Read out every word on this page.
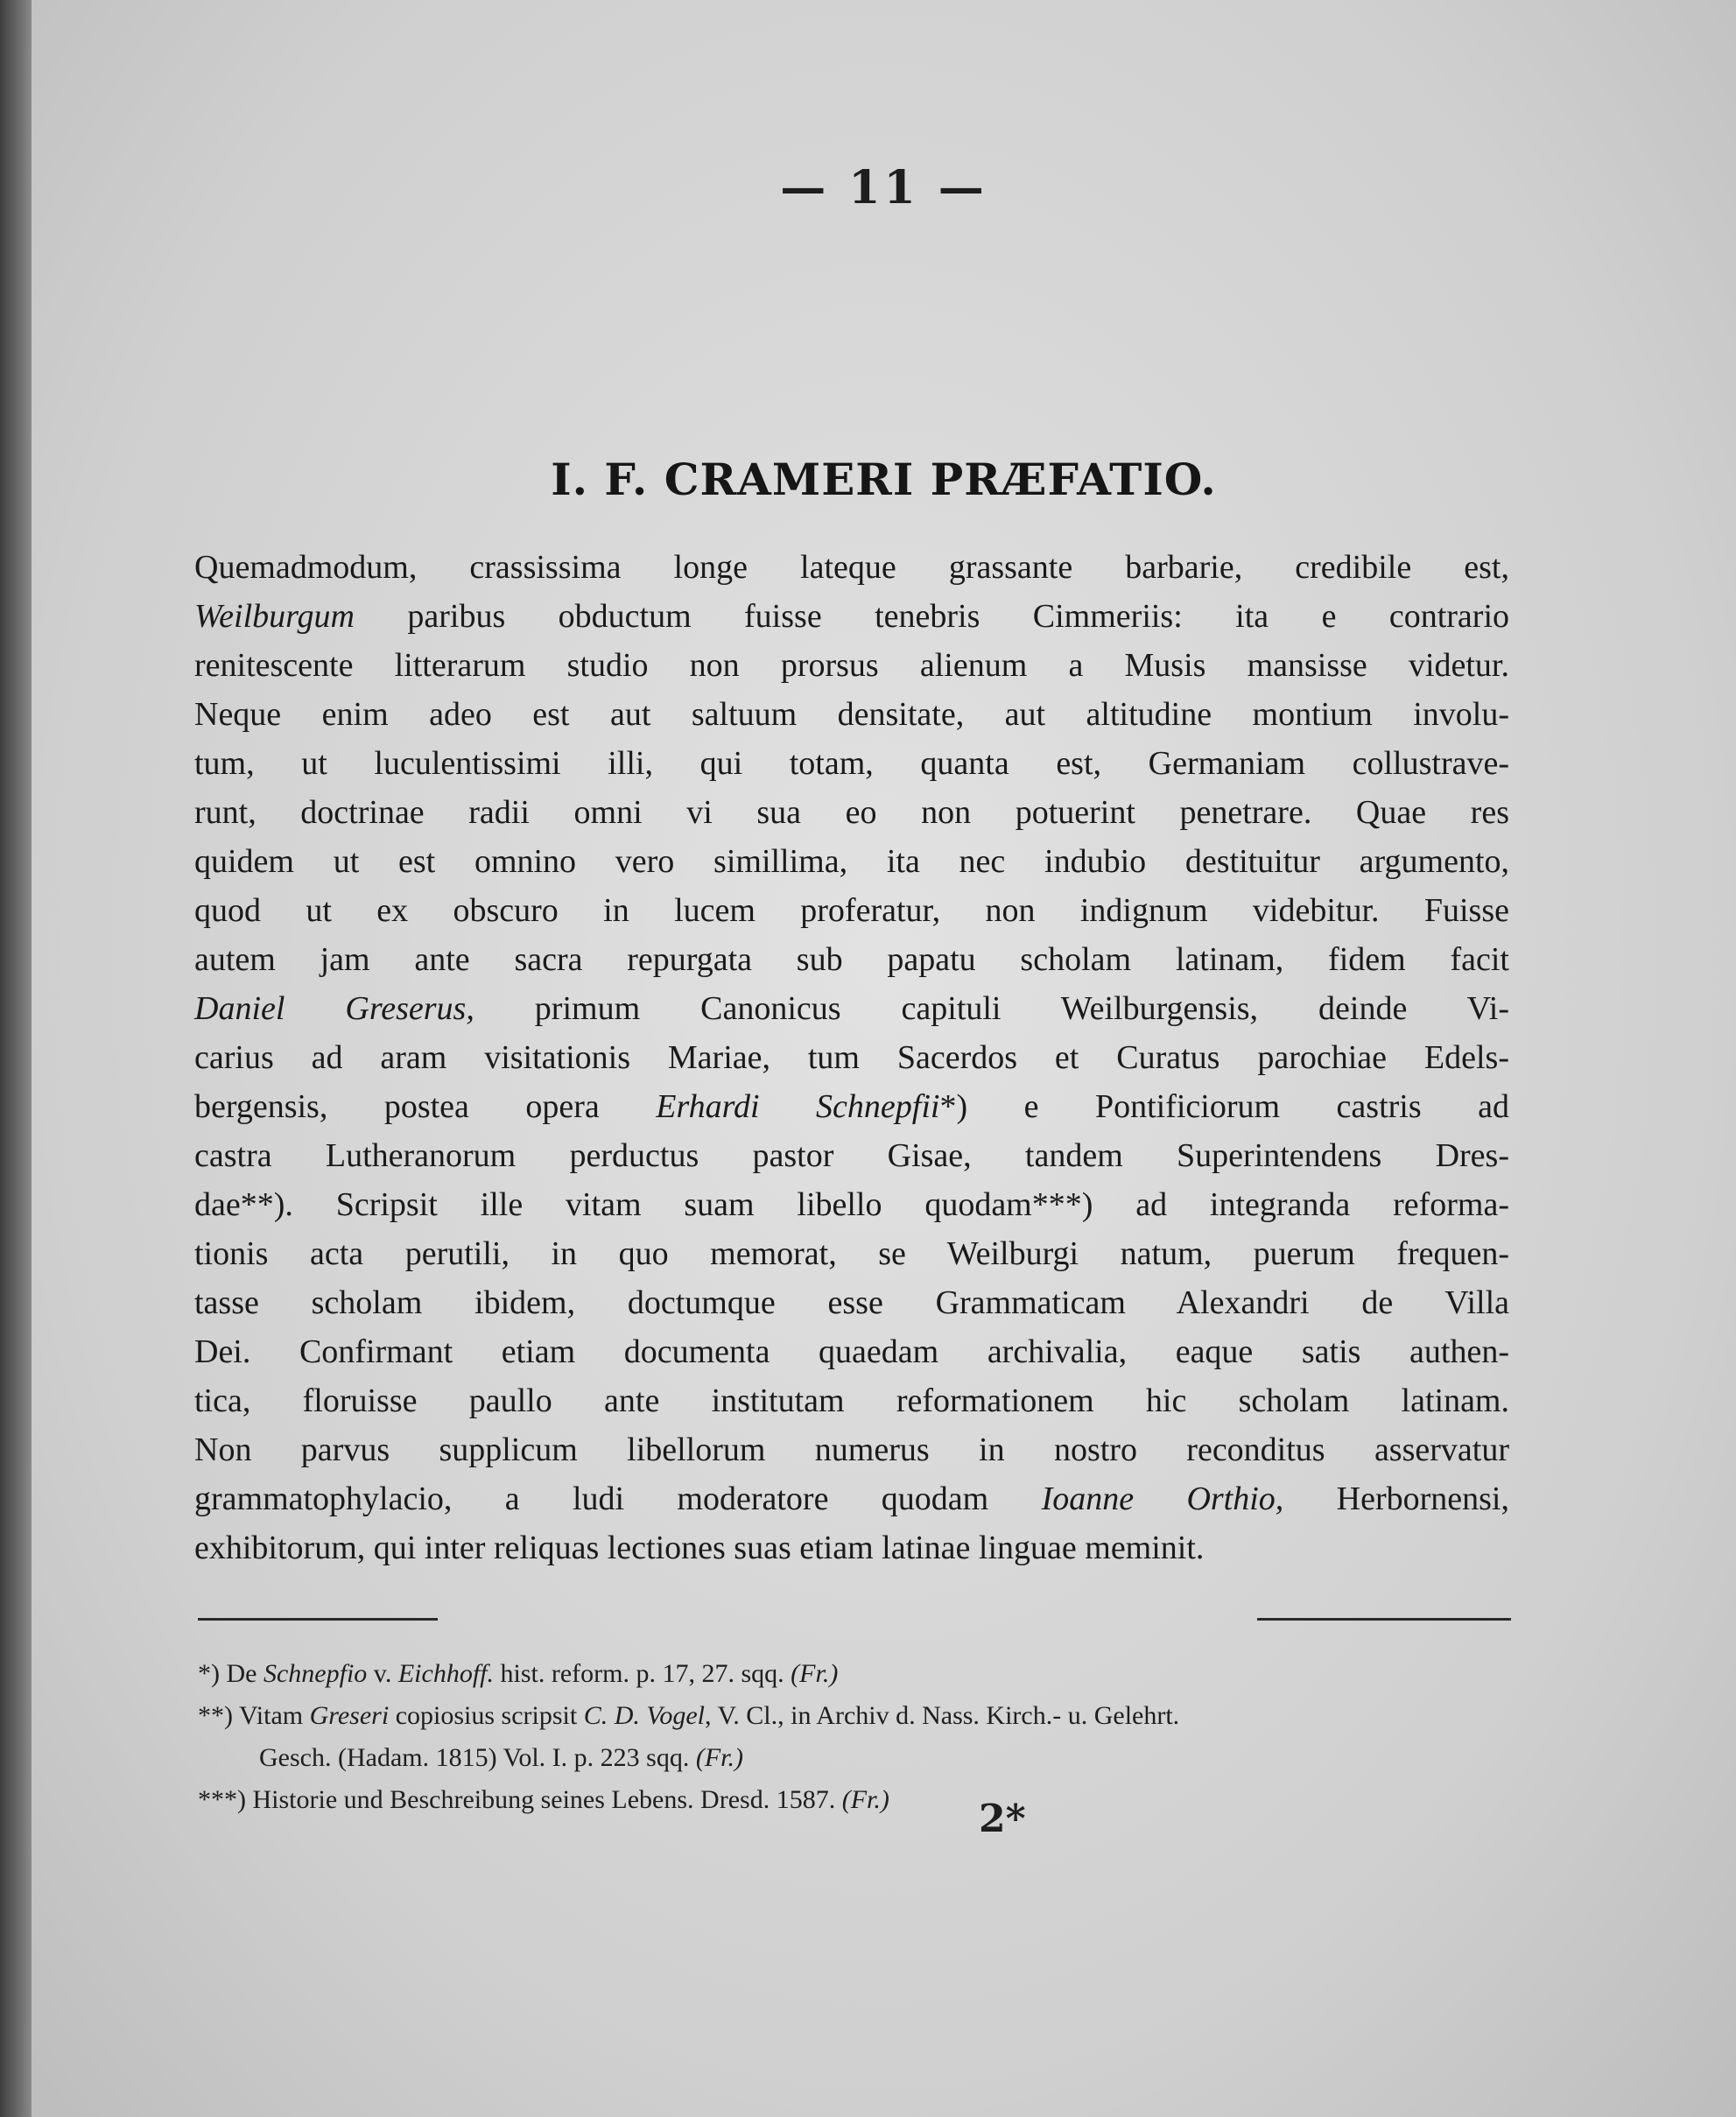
— 11 —
I. F. CRAMERI PRÆFATIO.
Quemadmodum, crassissima longe lateque grassante barbarie, credibile est,
Weilburgum paribus obductum fuisse tenebris Cimmeriis: ita e contrario
renitescente litterarum studio non prorsus alienum a Musis mansisse videtur.
Neque enim adeo est aut saltuum densitate, aut altitudine montium involu-
tum, ut luculentissimi illi, qui totam, quanta est, Germaniam collustrave-
runt, doctrinae radii omni vi sua eo non potuerint penetrare. Quae res
quidem ut est omnino vero simillima, ita nec indubio destituitur argumento,
quod ut ex obscuro in lucem proferatur, non indignum videbitur. Fuisse
autem jam ante sacra repurgata sub papatu scholam latinam, fidem facit
Daniel Greserus, primum Canonicus capituli Weilburgensis, deinde Vi-
carius ad aram visitationis Mariae, tum Sacerdos et Curatus parochiae Edels-
bergensis, postea opera Erhardi Schnepfii*) e Pontificiorum castris ad
castra Lutheranorum perductus pastor Gisae, tandem Superintendens Dres-
dae**). Scripsit ille vitam suam libello quodam***) ad integranda reforma-
tionis acta perutili, in quo memorat, se Weilburgi natum, puerum frequen-
tasse scholam ibidem, doctumque esse Grammaticam Alexandri de Villa
Dei. Confirmant etiam documenta quaedam archivalia, eaque satis authen-
tica, floruisse paullo ante institutam reformationem hic scholam latinam.
Non parvus supplicum libellorum numerus in nostro reconditus asservatur
grammatophylacio, a ludi moderatore quodam Ioanne Orthio, Herbornensi,
exhibitorum, qui inter reliquas lectiones suas etiam latinae linguae meminit.
*) De Schnepfio v. Eichhoff. hist. reform. p. 17, 27. sqq. (Fr.)
**) Vitam Greseri copiosius scripsit C. D. Vogel, V. Cl., in Archiv d. Nass. Kirch.- u. Gelehrt.
Gesch. (Hadam. 1815) Vol. I. p. 223 sqq. (Fr.)
***) Historie und Beschreibung seines Lebens. Dresd. 1587. (Fr.)	2*
